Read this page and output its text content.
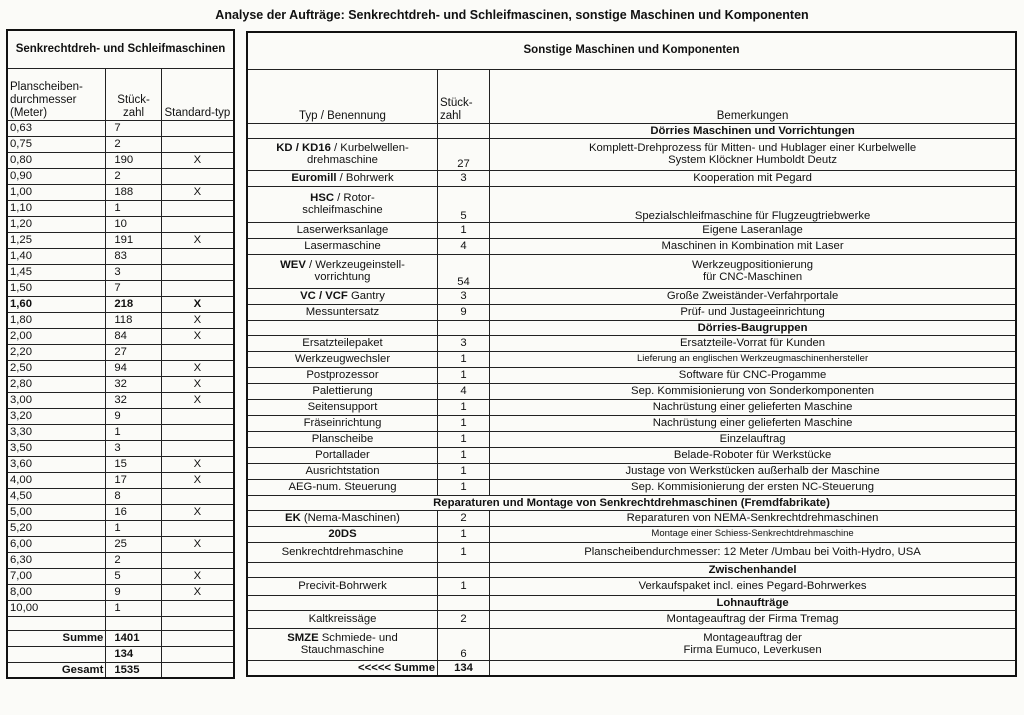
Analyse der Aufträge: Senkrechtdreh- und Schleifmascinen, sonstige Maschinen und Komponenten
Senkrechtdreh- und Schleifmaschinen		
Planscheiben-durchmesser (Meter)	Stück-zahl	Standard-typ
0,63	7	
0,75	2	
0,80	190	X
0,90	2	
1,00	188	X
1,10	1	
1,20	10	
1,25	191	X
1,40	83	
1,45	3	
1,50	7	
1,60	218	X
1,80	118	X
2,00	84	X
2,20	27	
2,50	94	X
2,80	32	X
3,00	32	X
3,20	9	
3,30	1	
3,50	3	
3,60	15	X
4,00	17	X
4,50	8	
5,00	16	X
5,20	1	
6,00	25	X
6,30	2	
7,00	5	X
8,00	9	X
10,00	1	

Summe	1401	
	134	
Gesamt	1535	
Sonstige Maschinen und Komponenten		
Typ / Benennung	Stück-zahl	Bemerkungen
		Dörries Maschinen und Vorrichtungen
KD / KD16 / Kurbelwellen-
drehmaschine	27	Komplett-Drehprozess für Mitten- und Hublager einer Kurbelwelle
System Klöckner Humboldt Deutz
Euromill / Bohrwerk	3	Kooperation mit Pegard
HSC / Rotor-
schleifmaschine	5	Spezialschleifmaschine für Flugzeugtriebwerke
Laserwerksanlage	1	Eigene Laseranlage
Lasermaschine	4	Maschinen in Kombination mit Laser
WEV / Werkzeugeinstell-
vorrichtung	54	Werkzeugpositionierung
für CNC-Maschinen
VC / VCF Gantry	3	Große Zweiständer-Verfahrportale
Messuntersatz	9	Prüf- und Justageeinrichtung
		Dörries-Baugruppen
Ersatzteilepaket	3	Ersatzteile-Vorrat für Kunden
Werkzeugwechsler	1	Lieferung an englischen Werkzeugmaschinenhersteller
Postprozessor	1	Software für CNC-Progamme
Palettierung	4	Sep. Kommisionierung von Sonderkomponenten
Seitensupport	1	Nachrüstung einer gelieferten Maschine
Fräseinrichtung	1	Nachrüstung einer gelieferten Maschine
Planscheibe	1	Einzelauftrag
Portallader	1	Belade-Roboter für Werkstücke
Ausrichtstation	1	Justage von Werkstücken außerhalb der Maschine
AEG-num. Steuerung	1	Sep. Kommisionierung der ersten NC-Steuerung
Reparaturen und Montage von Senkrechtdrehmaschinen (Fremdfabrikate)		
EK (Nema-Maschinen)	2	Reparaturen von NEMA-Senkrechtdrehmaschinen
20DS	1	Montage einer Schiess-Senkrechtdrehmaschine
Senkrechtdrehmaschine	1	Planscheibendurchmesser: 12 Meter /Umbau bei Voith-Hydro, USA
		Zwischenhandel
Precivit-Bohrwerk	1	Verkaufspaket incl. eines Pegard-Bohrwerkes
		Lohnaufträge
Kaltkreissäge	2	Montageauftrag der Firma Tremag
SMZE Schmiede- und
Stauchmaschine	6	Montageauftrag der
Firma Eumuco, Leverkusen
<<<<< Summe	134	
